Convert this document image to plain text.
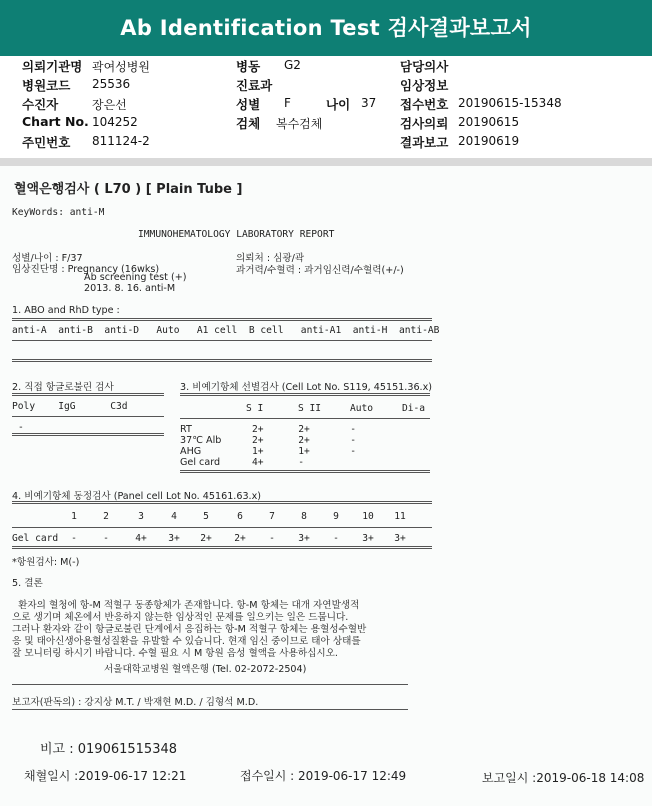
Ab Identification Test 검사결과보고서
의뢰기관명 곽여성병원
병원코드 25536
수진자	장은선
Chart No. 104252
주민번호 811124-2
병동 G2
진료과
성별 F	나이 37
검체 복수검체
담당의사
임상정보
접수번호 20190615-15348
검사의뢰 20190615
결과보고 20190619
혈액은행검사 ( L70 ) [ Plain Tube ]
KeyWords: anti-M
IMMUNOHEMATOLOGY LABORATORY REPORT
성별/나이 : F/37
임상진단명 : Pregnancy (16wks)
Ab screening test (+)
2013. 8. 16. anti-M
의뢰처 : 심광/곽
과거력/수혈력 : 과거임신력/수혈력(+/-)
1. ABO and RhD type :
anti-A  anti-B  anti-D   Auto   A1 cell  B cell   anti-A1  anti-H  anti-AB
2. 직접 항글로불린 검사
Poly    IgG      C3d
-
3. 비예기항체 선별검사 (Cell Lot No. S119, 45151.36.x)
S I      S II     Auto     Di-a
RT	2+      2+       -
37℃ Alb	2+      2+       -
AHG	1+      1+       -
Gel card	4+      -
4. 비예기항체 동정검사 (Panel cell Lot No. 45161.63.x)
1	2	3	4	5	6	7	8	9	10	11
Gel card	-	-	4+	3+	2+	2+	-	3+	-	3+	3+
*항원검사: M(-)
5. 결론
환자의 혈청에 항-M 적혈구 동종항체가 존재합니다. 항-M 항체는 대개 자연발생적
으로 생기며 체온에서 반응하지 않는한 임상적인 문제를 일으키는 일은 드뭅니다.
그러나 환자와 같이 항글로불린 단계에서 응집하는 항-M 적혈구 항체는 용혈성수혈반
응 및 태아신생아용혈성질환을 유발할 수 있습니다. 현재 임신 중이므로 태아 상태를
잘 모니터링 하시기 바랍니다. 수혈 필요 시 M 항원 음성 혈액을 사용하십시오.
서울대학교병원 혈액은행 (Tel. 02-2072-2504)
보고자(판독의) : 강지상 M.T. / 박재현 M.D. / 김형석 M.D.
비고 : 019061515348
채혈일시 :2019-06-17 12:21	접수일시 : 2019-06-17 12:49	보고일시 :2019-06-18 14:08
